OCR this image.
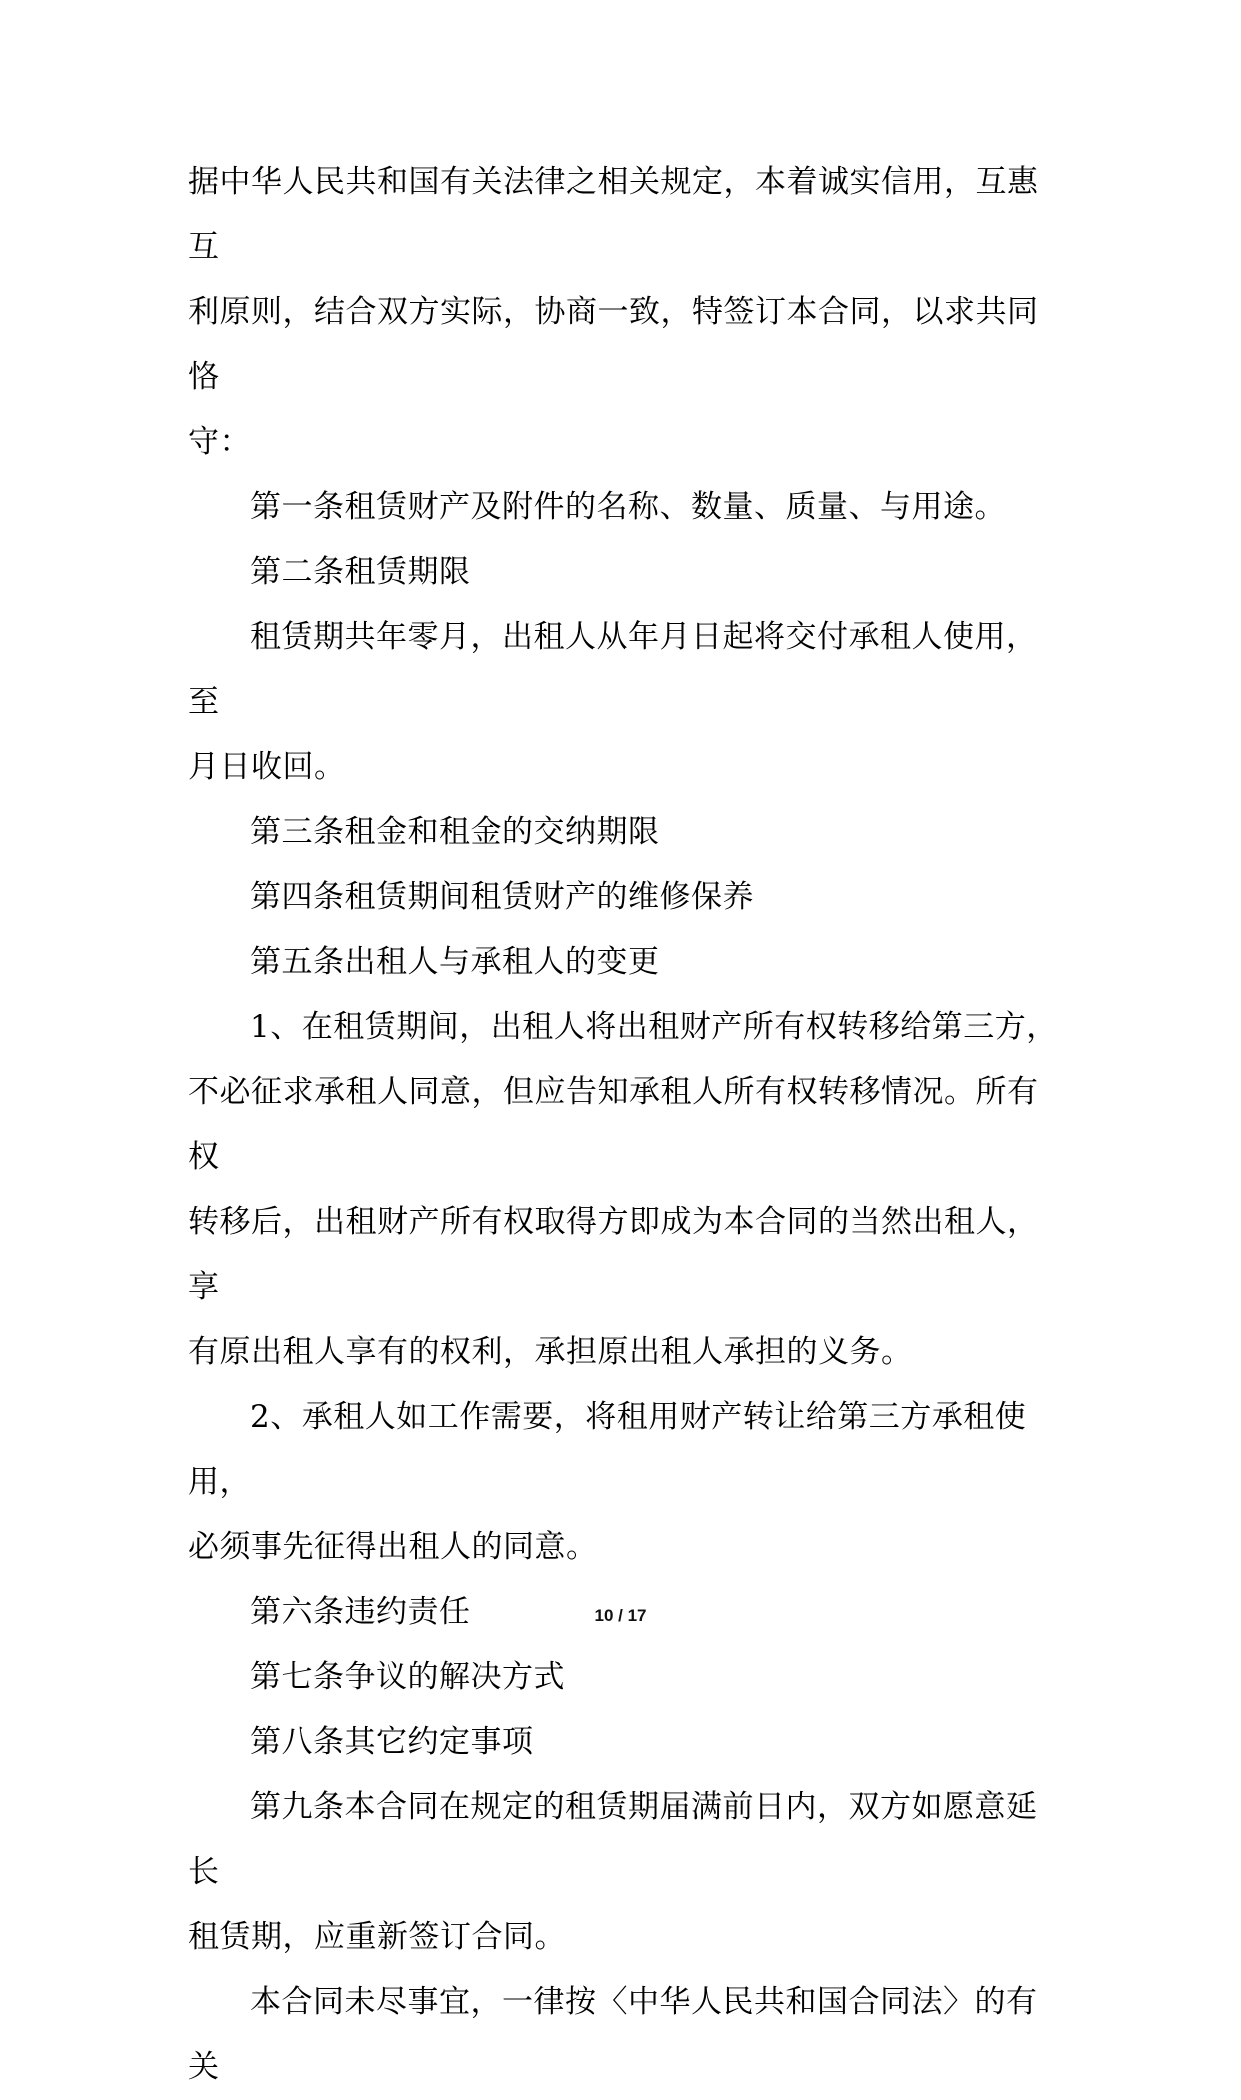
据中华人民共和国有关法律之相关规定，本着诚实信用，互惠互
利原则，结合双方实际，协商一致，特签订本合同，以求共同恪
守：

第一条租赁财产及附件的名称、数量、质量、与用途。

第二条租赁期限

租赁期共年零月，出租人从年月日起将交付承租人使用，至
月日收回。

第三条租金和租金的交纳期限

第四条租赁期间租赁财产的维修保养

第五条出租人与承租人的变更

1、在租赁期间，出租人将出租财产所有权转移给第三方，
不必征求承租人同意，但应告知承租人所有权转移情况。所有权
转移后，出租财产所有权取得方即成为本合同的当然出租人，享
有原出租人享有的权利，承担原出租人承担的义务。

2、承租人如工作需要，将租用财产转让给第三方承租使用，
必须事先征得出租人的同意。

第六条违约责任

第七条争议的解决方式

第八条其它约定事项

第九条本合同在规定的租赁期届满前日内，双方如愿意延长
租赁期，应重新签订合同。

本合同未尽事宜，一律按〈中华人民共和国合同法〉的有关

10 / 17
